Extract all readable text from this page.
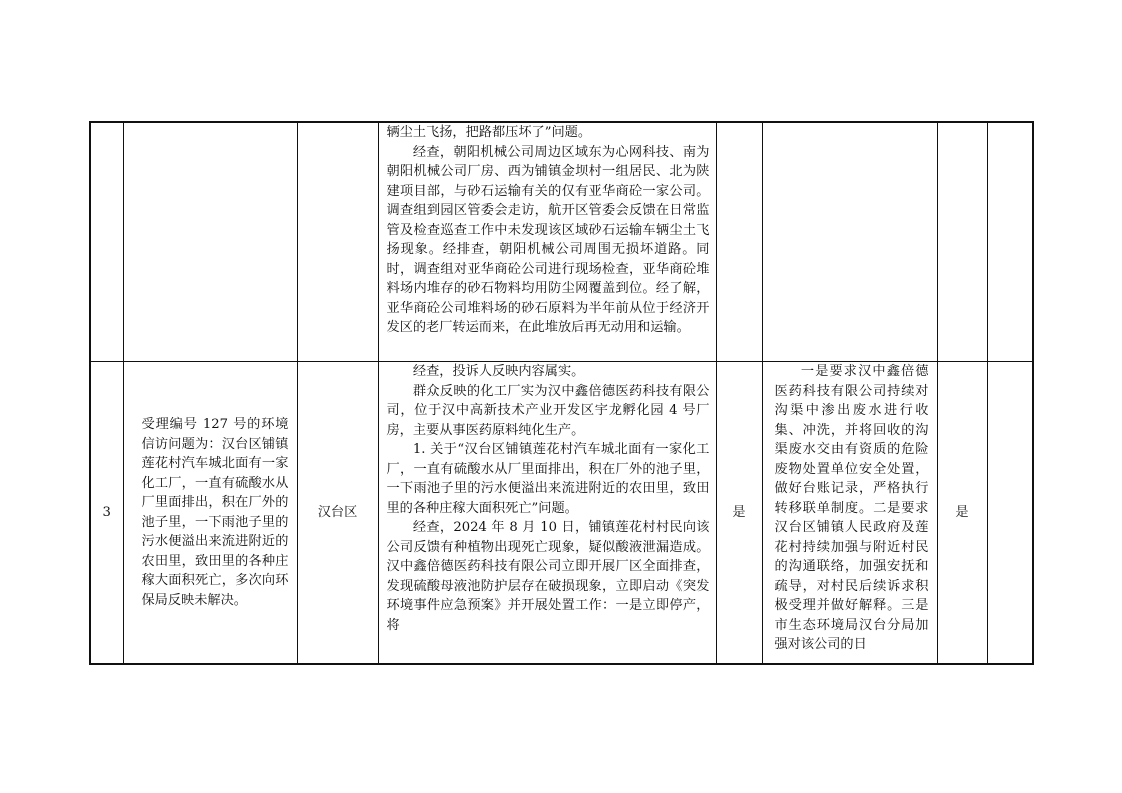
			辆尘土飞扬，把路都压坏了”问题。

经查，朝阳机械公司周边区域东为心网科技、南为朝阳机械公司厂房、西为铺镇金坝村一组居民、北为陕建项目部，与砂石运输有关的仅有亚华商砼一家公司。调查组到园区管委会走访，航开区管委会反馈在日常监管及检查巡查工作中未发现该区域砂石运输车辆尘土飞扬现象。经排查，朝阳机械公司周围无损坏道路。同时，调查组对亚华商砼公司进行现场检查，亚华商砼堆料场内堆存的砂石物料均用防尘网覆盖到位。经了解，亚华商砼公司堆料场的砂石原料为半年前从位于经济开发区的老厂转运而来，在此堆放后再无动用和运输。				

3	受理编号 127 号的环境信访问题为：汉台区铺镇莲花村汽车城北面有一家化工厂，一直有硫酸水从厂里面排出，积在厂外的池子里，一下雨池子里的污水便溢出来流进附近的农田里，致田里的各种庄稼大面积死亡，多次向环保局反映未解决。	汉台区	经查，投诉人反映内容属实。

群众反映的化工厂实为汉中鑫倍德医药科技有限公司，位于汉中高新技术产业开发区宇龙孵化园 4 号厂房，主要从事医药原料纯化生产。

1. 关于“汉台区铺镇莲花村汽车城北面有一家化工厂，一直有硫酸水从厂里面排出，积在厂外的池子里，一下雨池子里的污水便溢出来流进附近的农田里，致田里的各种庄稼大面积死亡”问题。

经查，2024 年 8 月 10 日，铺镇莲花村村民向该公司反馈有种植物出现死亡现象，疑似酸液泄漏造成。汉中鑫倍德医药科技有限公司立即开展厂区全面排查，发现硫酸母液池防护层存在破损现象，立即启动《突发环境事件应急预案》并开展处置工作：一是立即停产，将	是	一是要求汉中鑫倍德医药科技有限公司持续对沟渠中渗出废水进行收集、冲洗，并将回收的沟渠废水交由有资质的危险废物处置单位安全处置，做好台账记录，严格执行转移联单制度。二是要求汉台区铺镇人民政府及莲花村持续加强与附近村民的沟通联络，加强安抚和疏导，对村民后续诉求积极受理并做好解释。三是市生态环境局汉台分局加强对该公司的日	是	
